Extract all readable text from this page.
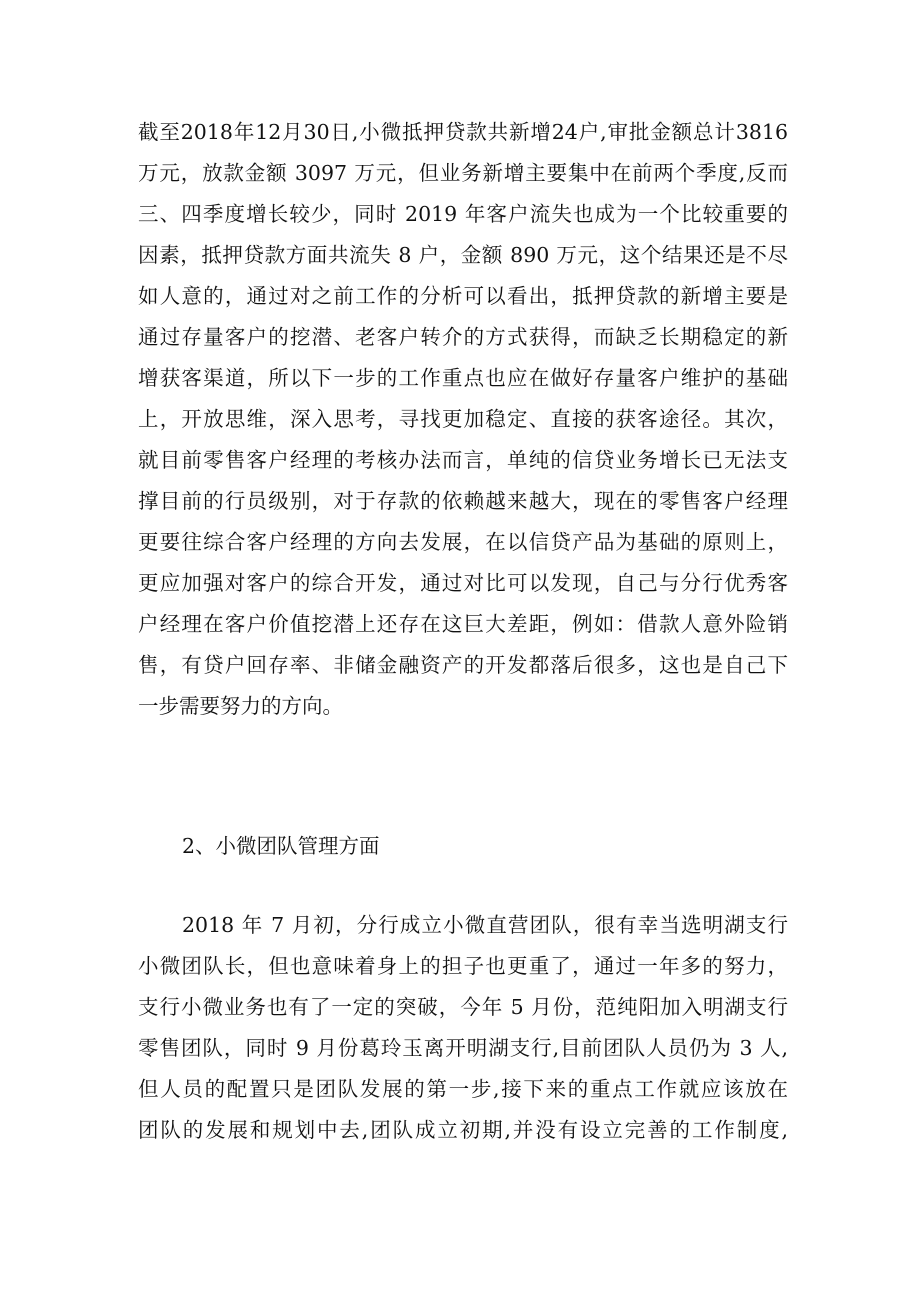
截至2018年12月30日,小微抵押贷款共新增24户,审批金额总计3816
万元，放款金额 3097 万元，但业务新增主要集中在前两个季度,反而
三、四季度增长较少，同时 2019 年客户流失也成为一个比较重要的
因素，抵押贷款方面共流失 8 户，金额 890 万元，这个结果还是不尽
如人意的，通过对之前工作的分析可以看出，抵押贷款的新增主要是
通过存量客户的挖潜、老客户转介的方式获得，而缺乏长期稳定的新
增获客渠道，所以下一步的工作重点也应在做好存量客户维护的基础
上，开放思维，深入思考，寻找更加稳定、直接的获客途径。其次，
就目前零售客户经理的考核办法而言，单纯的信贷业务增长已无法支
撑目前的行员级别，对于存款的依赖越来越大，现在的零售客户经理
更要往综合客户经理的方向去发展，在以信贷产品为基础的原则上，
更应加强对客户的综合开发，通过对比可以发现，自己与分行优秀客
户经理在客户价值挖潜上还存在这巨大差距，例如：借款人意外险销
售，有贷户回存率、非储金融资产的开发都落后很多，这也是自己下
一步需要努力的方向。
2、小微团队管理方面
2018 年 7 月初，分行成立小微直营团队，很有幸当选明湖支行
小微团队长，但也意味着身上的担子也更重了，通过一年多的努力，
支行小微业务也有了一定的突破，今年 5 月份，范纯阳加入明湖支行
零售团队，同时 9 月份葛玲玉离开明湖支行,目前团队人员仍为 3 人,
但人员的配置只是团队发展的第一步,接下来的重点工作就应该放在
团队的发展和规划中去,团队成立初期,并没有设立完善的工作制度,
